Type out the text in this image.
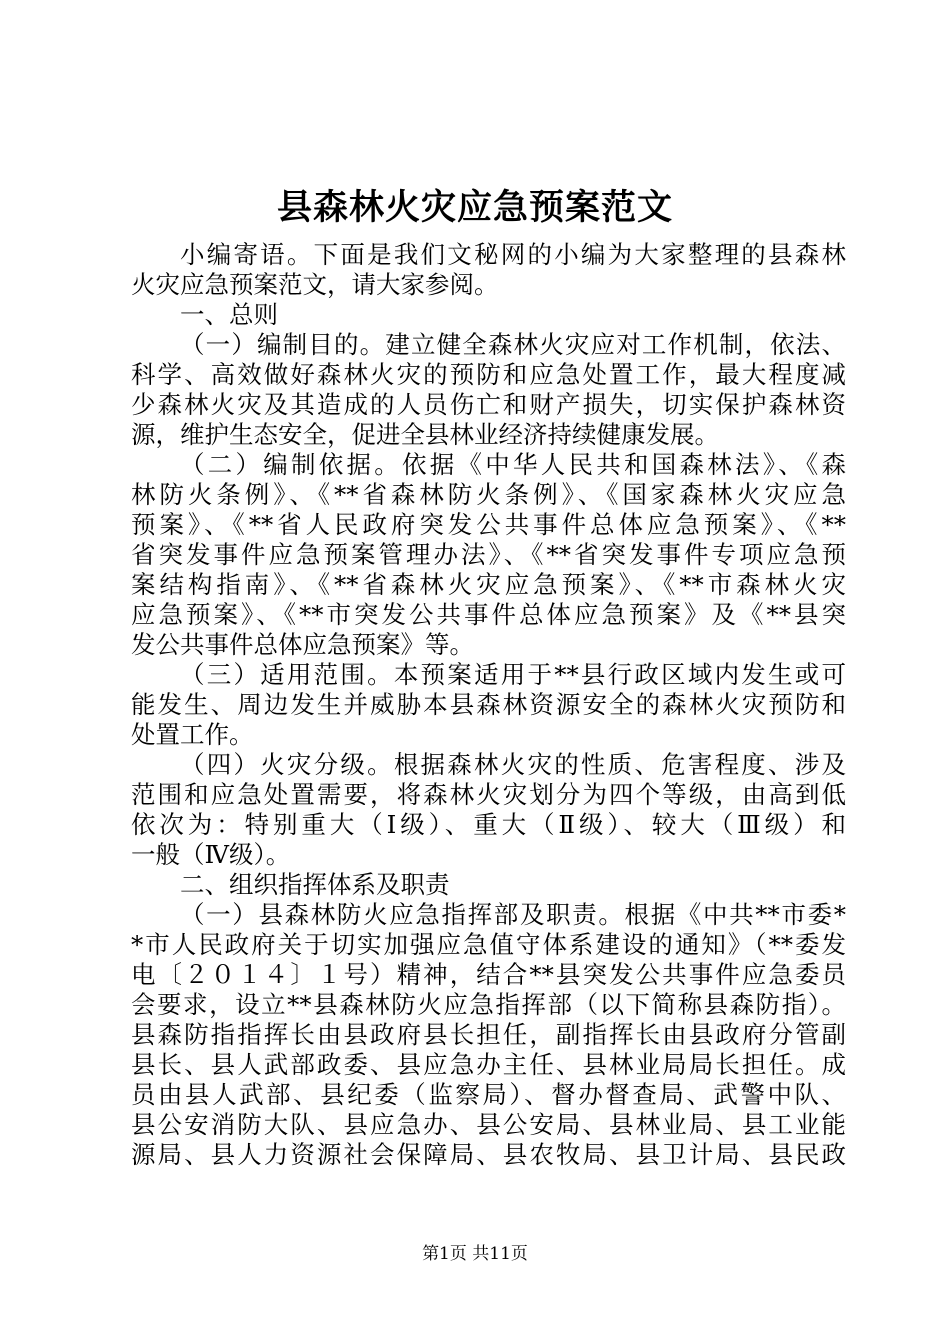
县森林火灾应急预案范文
小编寄语。下面是我们文秘网的小编为大家整理的县森林
火灾应急预案范文，请大家参阅。
一、总则
（一）编制目的。建立健全森林火灾应对工作机制，依法、
科学、高效做好森林火灾的预防和应急处置工作，最大程度减
少森林火灾及其造成的人员伤亡和财产损失，切实保护森林资
源，维护生态安全，促进全县林业经济持续健康发展。
（二）编制依据。依据《中华人民共和国森林法》、《森
林防火条例》、《**省森林防火条例》、《国家森林火灾应急
预案》、《**省人民政府突发公共事件总体应急预案》、《**
省突发事件应急预案管理办法》、《**省突发事件专项应急预
案结构指南》、《**省森林火灾应急预案》、《**市森林火灾
应急预案》、《**市突发公共事件总体应急预案》及《**县突
发公共事件总体应急预案》等。
（三）适用范围。本预案适用于**县行政区域内发生或可
能发生、周边发生并威胁本县森林资源安全的森林火灾预防和
处置工作。
（四）火灾分级。根据森林火灾的性质、危害程度、涉及
范围和应急处置需要，将森林火灾划分为四个等级，由高到低
依次为：特别重大（Ⅰ级）、重大（Ⅱ级）、较大（Ⅲ级）和
一般（Ⅳ级）。
二、组织指挥体系及职责
（一）县森林防火应急指挥部及职责。根据《中共**市委*
*市人民政府关于切实加强应急值守体系建设的通知》（**委发
电〔２０１４〕１号）精神，结合**县突发公共事件应急委员
会要求，设立**县森林防火应急指挥部（以下简称县森防指）。
县森防指指挥长由县政府县长担任，副指挥长由县政府分管副
县长、县人武部政委、县应急办主任、县林业局局长担任。成
员由县人武部、县纪委（监察局）、督办督查局、武警中队、
县公安消防大队、县应急办、县公安局、县林业局、县工业能
源局、县人力资源社会保障局、县农牧局、县卫计局、县民政
第1页 共11页
